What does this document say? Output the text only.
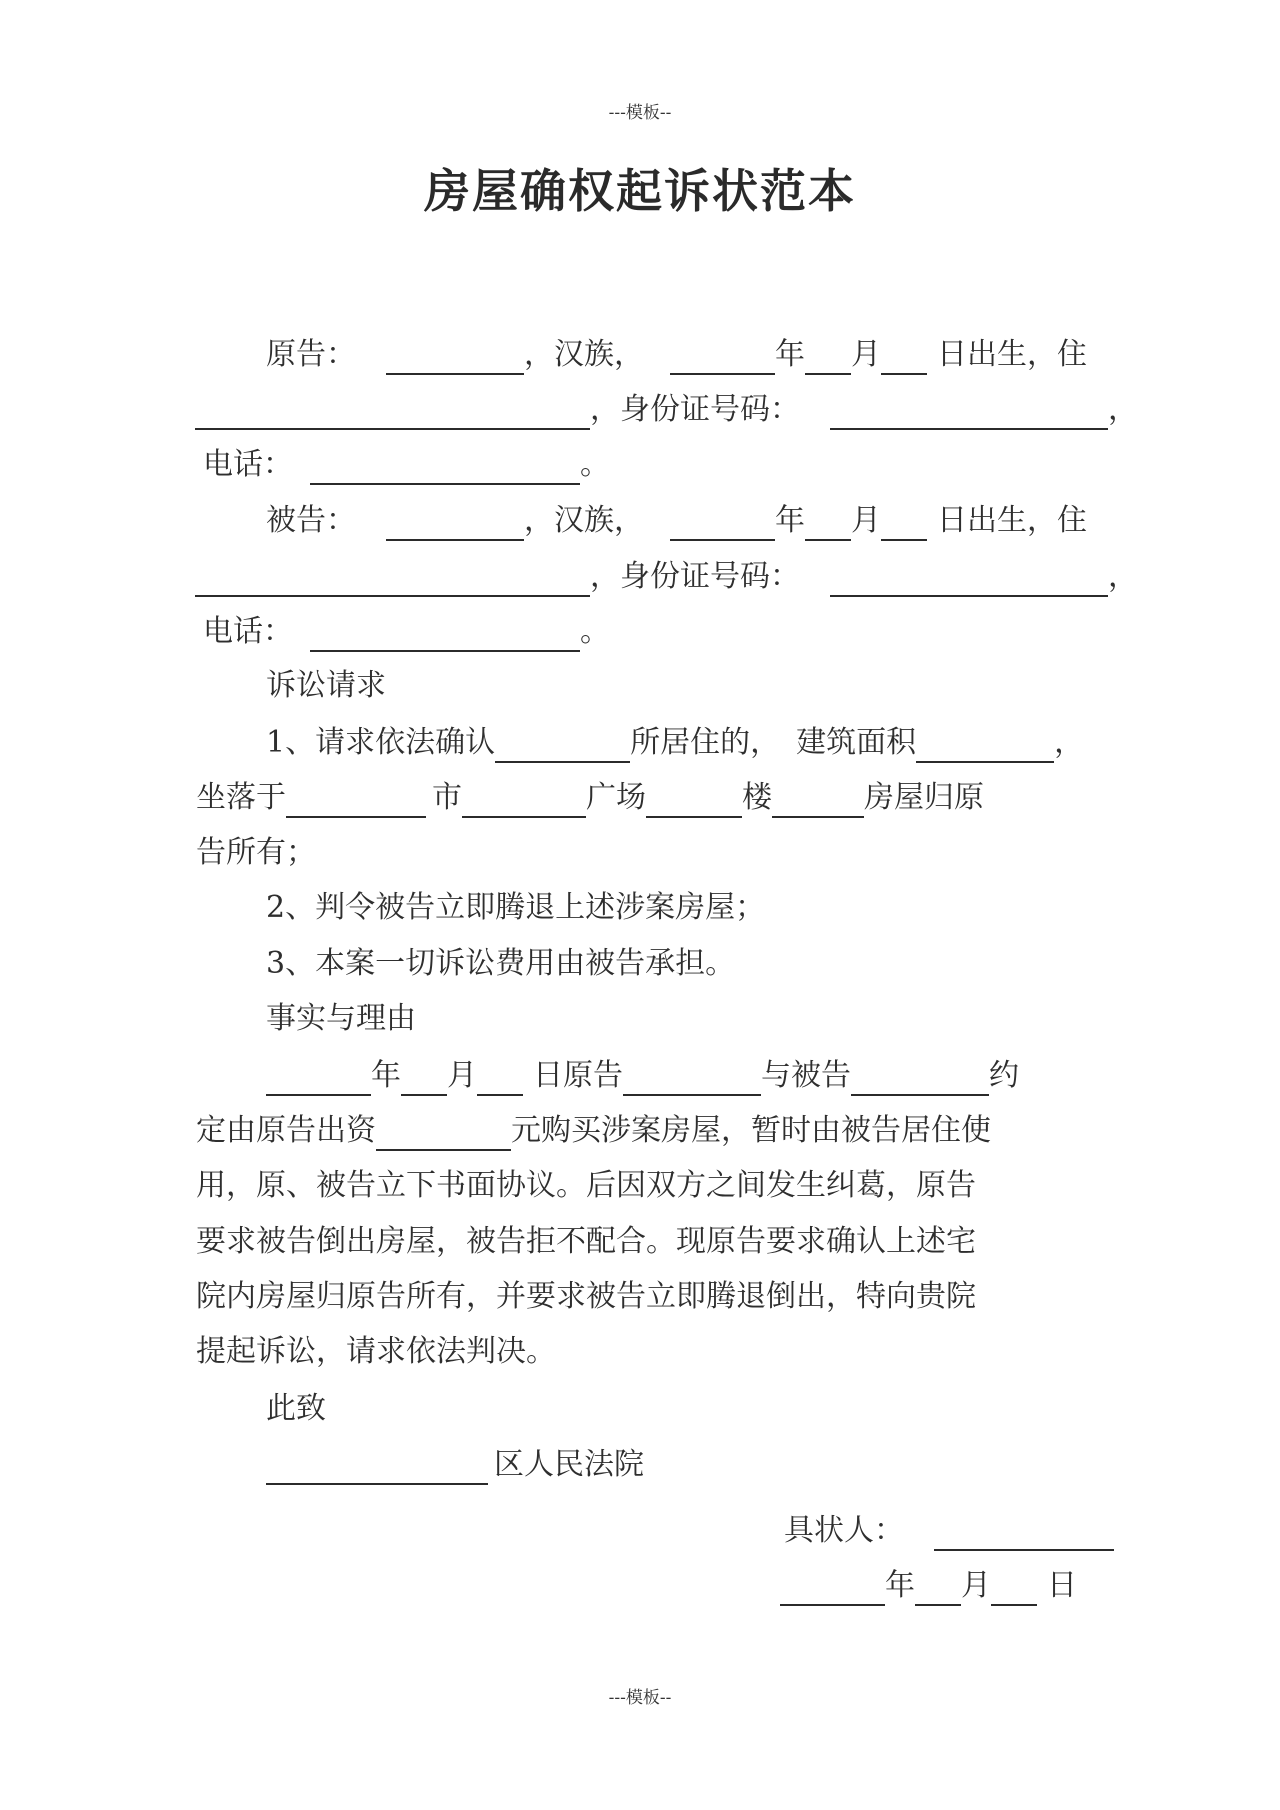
---模板--
房屋确权起诉状范本
原告：	，汉族，	年 月 日出生，住
，身份证号码：	，
电话：	。
被告：	，汉族，	年 月 日出生，住
，身份证号码：	，
电话：	。
诉讼请求
1、请求依法确认	所居住的， 建筑面积	，
坐落于	市	广场	楼	房屋归原
告所有；
2、判令被告立即腾退上述涉案房屋；
3、本案一切诉讼费用由被告承担。
事实与理由
年 月 日原告	与被告	约
定由原告出资	元购买涉案房屋，暂时由被告居住使
用，原、被告立下书面协议。后因双方之间发生纠葛，原告
要求被告倒出房屋，被告拒不配合。现原告要求确认上述宅
院内房屋归原告所有，并要求被告立即腾退倒出，特向贵院
提起诉讼，请求依法判决。
此致
区人民法院
具状人：
年 月 日
---模板--
